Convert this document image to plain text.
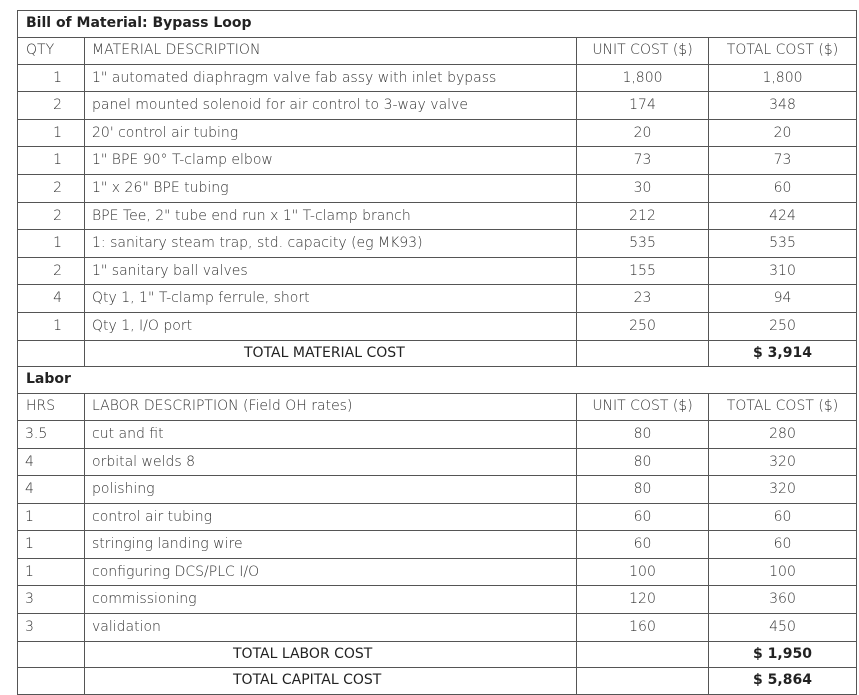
Bill of Material: Bypass Loop			
QTY	MATERIAL DESCRIPTION	UNIT COST ($)	TOTAL COST ($)
1	1" automated diaphragm valve fab assy with inlet bypass	1,800	1,800
2	panel mounted solenoid for air control to 3-way valve	174	348
1	20' control air tubing	20	20
1	1" BPE 90° T-clamp elbow	73	73
2	1" x 26" BPE tubing	30	60
2	BPE Tee, 2" tube end run x 1" T-clamp branch	212	424
1	1: sanitary steam trap, std. capacity (eg MK93)	535	535
2	1" sanitary ball valves	155	310
4	Qty 1, 1" T-clamp ferrule, short	23	94
1	Qty 1, I/O port	250	250
	TOTAL MATERIAL COST		$ 3,914
Labor			
HRS	LABOR DESCRIPTION (Field OH rates)	UNIT COST ($)	TOTAL COST ($)
3.5	cut and fit	80	280
4	orbital welds 8	80	320
4	polishing	80	320
1	control air tubing	60	60
1	stringing landing wire	60	60
1	configuring DCS/PLC I/O	100	100
3	commissioning	120	360
3	validation	160	450
	TOTAL LABOR COST		$ 1,950
	TOTAL CAPITAL COST		$ 5,864
